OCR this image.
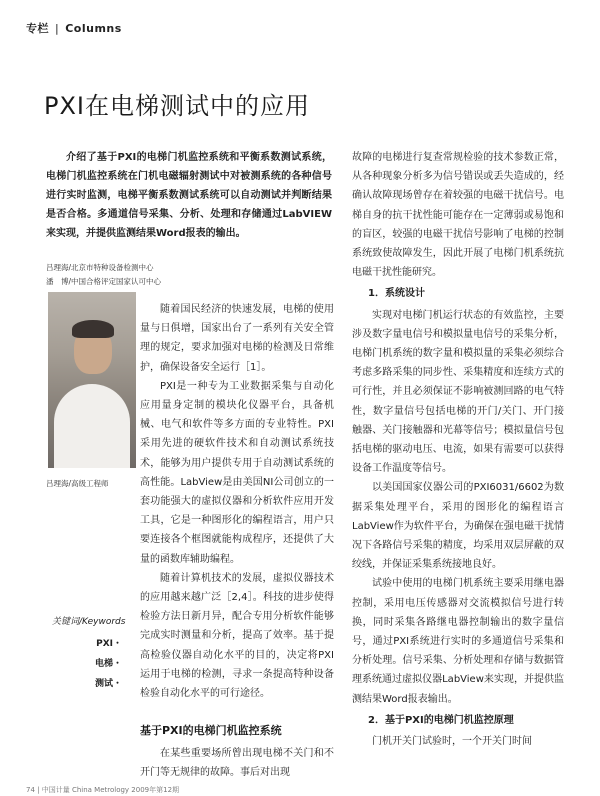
专栏 | Columns
PXI在电梯测试中的应用

介绍了基于PXI的电梯门机监控系统和平衡系数测试系统，电梯门机监控系统在门机电磁辐射测试中对被测系统的各种信号进行实时监测，电梯平衡系数测试系统可以自动测试并判断结果是否合格。多通道信号采集、分析、处理和存储通过LabVIEW来实现，并提供监测结果Word报表的输出。

吕理海/北京市特种设备检测中心

潘　博/中国合格评定国家认可中心

吕理海/高级工程师

随着国民经济的快速发展，电梯的使用量与日俱增，国家出台了一系列有关安全管理的规定，要求加强对电梯的检测及日常维护，确保设备安全运行［1］。

PXI是一种专为工业数据采集与自动化应用量身定制的模块化仪器平台，具备机械、电气和软件等多方面的专业特性。PXI采用先进的硬软件技术和自动测试系统技术，能够为用户提供专用于自动测试系统的高性能。LabView是由美国NI公司创立的一套功能强大的虚拟仪器和分析软件应用开发工具，它是一种图形化的编程语言，用户只要连接各个框图就能构成程序，还提供了大量的函数库辅助编程。

随着计算机技术的发展，虚拟仪器技术的应用越来越广泛［2,4］。科技的进步使得检验方法日新月异，配合专用分析软件能够完成实时测量和分析，提高了效率。基于提高检验仪器自动化水平的目的，决定将PXI运用于电梯的检测，寻求一条提高特种设备检验自动化水平的可行途径。

关键词/Keywords

PXI・

电梯・

测试・

基于PXI的电梯门机监控系统

在某些重要场所曾出现电梯不关门和不开门等无规律的故障。事后对出现

故障的电梯进行复查常规检验的技术参数正常，从各种现象分析多为信号错误或丢失造成的，经确认故障现场曾存在着较强的电磁干扰信号。电梯自身的抗干扰性能可能存在一定薄弱或易饱和的盲区，较强的电磁干扰信号影响了电梯的控制系统致使故障发生，因此开展了电梯门机系统抗电磁干扰性能研究。

1．系统设计

实现对电梯门机运行状态的有效监控，主要涉及数字量电信号和模拟量电信号的采集分析，电梯门机系统的数字量和模拟量的采集必须综合考虑多路采集的同步性、采集精度和连续方式的可行性，并且必须保证不影响被测回路的电气特性，数字量信号包括电梯的开门/关门、开门接触器、关门接触器和光幕等信号；模拟量信号包括电梯的驱动电压、电流，如果有需要可以获得设备工作温度等信号。

以美国国家仪器公司的PXI6031/6602为数据采集处理平台，采用的图形化的编程语言LabView作为软件平台，为确保在强电磁干扰情况下各路信号采集的精度，均采用双层屏蔽的双绞线，并保证采集系统接地良好。

试验中使用的电梯门机系统主要采用继电器控制，采用电压传感器对交流模拟信号进行转换，同时采集各路继电器控制输出的数字量信号，通过PXI系统进行实时的多通道信号采集和分析处理。信号采集、分析处理和存储与数据管理系统通过虚拟仪器LabView来实现，并提供监测结果Word报表输出。

2．基于PXI的电梯门机监控原理

门机开关门试验时，一个开关门时间

74 | 中国计量 China Metrology 2009年第12期
